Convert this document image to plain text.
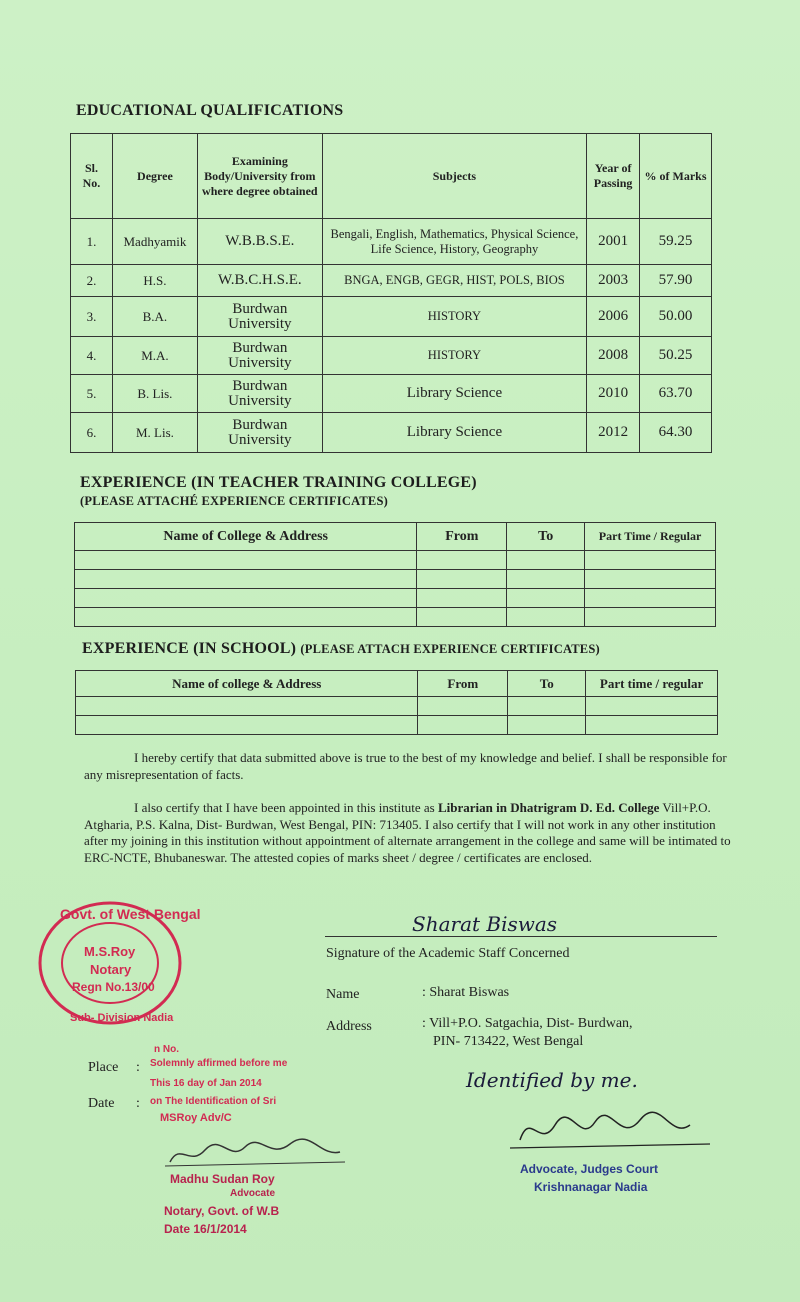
EDUCATIONAL QUALIFICATIONS
Sl. No.	Degree	Examining Body/University from where degree obtained	Subjects	Year of Passing	% of Marks
1.	Madhyamik	W.B.B.S.E.	Bengali, English, Mathematics, Physical Science, Life Science, History, Geography	2001	59.25
2.	H.S.	W.B.C.H.S.E.	BNGA, ENGB, GEGR, HIST, POLS, BIOS	2003	57.90
3.	B.A.	Burdwan University	HISTORY	2006	50.00
4.	M.A.	Burdwan University	HISTORY	2008	50.25
5.	B. Lis.	Burdwan University	Library Science	2010	63.70
6.	M. Lis.	Burdwan University	Library Science	2012	64.30
EXPERIENCE (IN TEACHER TRAINING COLLEGE)
(PLEASE ATTACHÉ EXPERIENCE CERTIFICATES)
Name of College & Address	From	To	Part Time / Regular

EXPERIENCE (IN SCHOOL) (PLEASE ATTACH EXPERIENCE CERTIFICATES)
Name of college & Address	From	To	Part time / regular

I hereby certify that data submitted above is true to the best of my knowledge and belief. I shall be responsible for any misrepresentation of facts.
I also certify that I have been appointed in this institute as Librarian in Dhatrigram D. Ed. College Vill+P.O. Atgharia, P.S. Kalna, Dist- Burdwan, West Bengal, PIN: 713405. I also certify that I will not work in any other institution after my joining in this institution without appointment of alternate arrangement in the college and same will be intimated to ERC-NCTE, Bhubaneswar. The attested copies of marks sheet / degree / certificates are enclosed.
Sharat Biswas
Signature of the Academic Staff Concerned
Name	: Sharat Biswas
Address	: Vill+P.O. Satgachia, Dist- Burdwan,
PIN- 713422, West Bengal
Place :
Date :
Govt. of West Bengal
M.S.Roy
Notary
Regn No.13/00
Sub- Division Nadia
n No.
Solemnly affirmed before me
This 16 day of Jan 2014
on The Identification of Sri
MSRoy Adv/C
Madhu Sudan Roy
Advocate
Notary, Govt. of W.B
Date 16/1/2014
Identified by me.
Advocate, Judges Court
Krishnanagar Nadia
